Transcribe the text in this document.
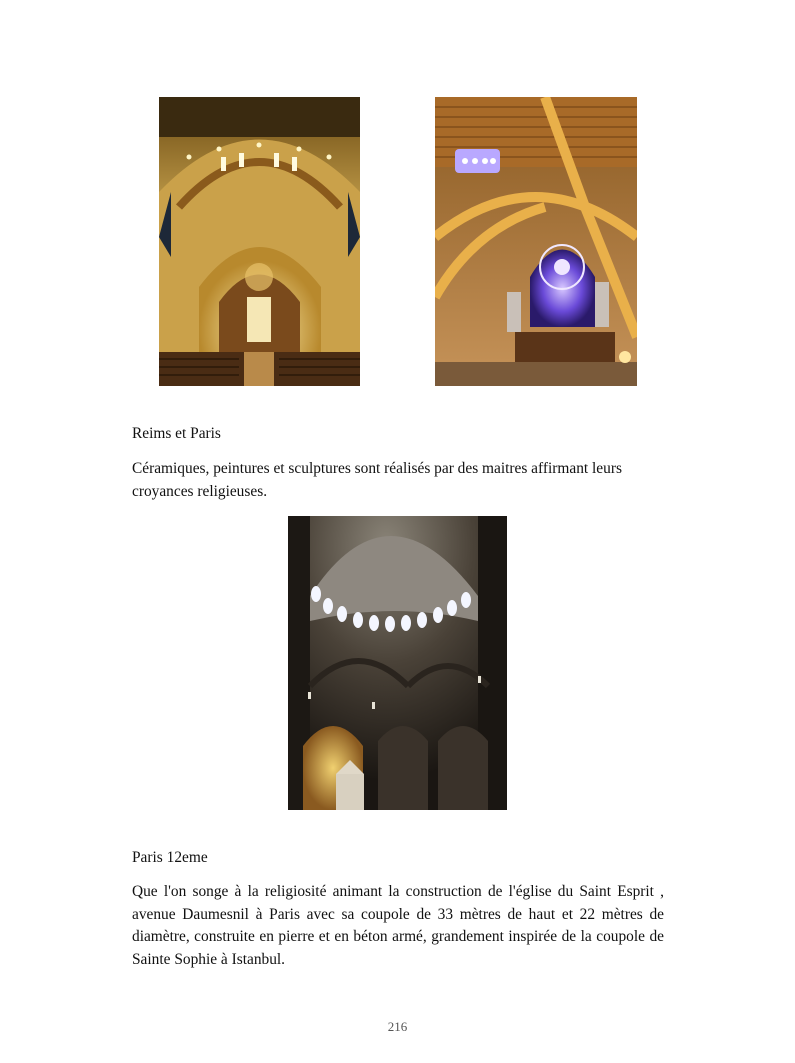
Reims et Paris
Céramiques, peintures et sculptures sont réalisés par des maitres affirmant leurs croyances religieuses.
Paris 12eme
Que l'on songe à la religiosité animant la construction de l'église du Saint Esprit , avenue Daumesnil à Paris avec sa coupole de 33 mètres de haut et 22 mètres de diamètre, construite en pierre et en béton armé, grandement inspirée de la coupole de Sainte Sophie à Istanbul.
216
